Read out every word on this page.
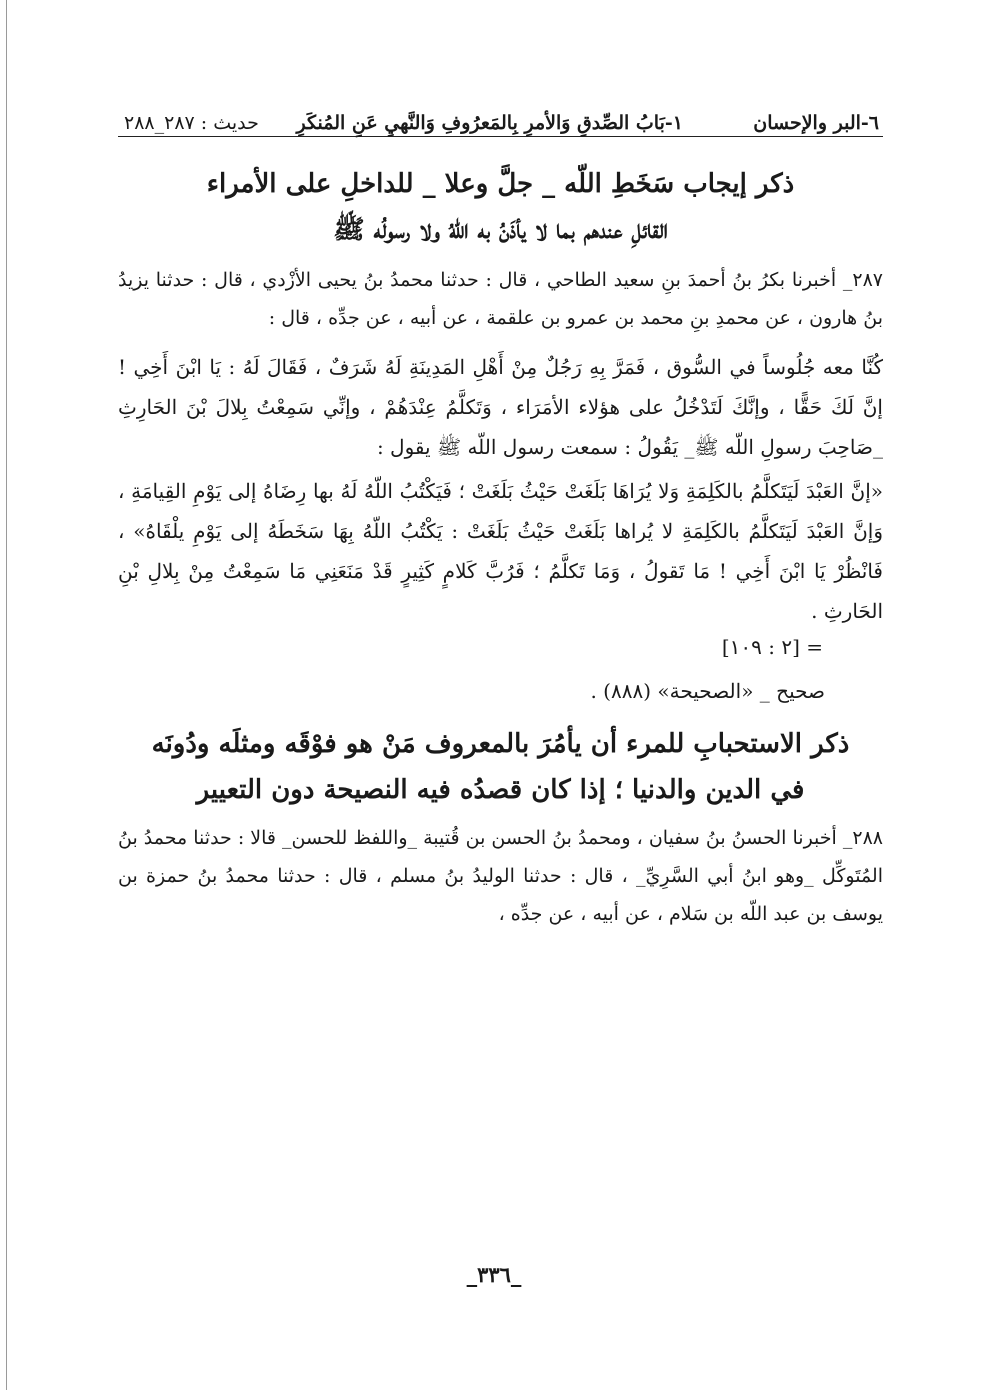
٦-البر والإحسان
١-بَابُ الصِّدقِ وَالأمرِ بِالمَعرُوفِ وَالنَّهيِ عَنِ المُنكَرِ
حديث : ٢٨٧_٢٨٨

ذكر إيجاب سَخَطِ اللّه _ جلَّ وعلا _ للداخلِ على الأمراء

القائلِ عندهم بما لا يأذَنُ به اللّهُ ولا رسولُه ﷺ

٢٨٧_ أخبرنا بكرُ بنُ أحمدَ بنِ سعيد الطاحي ، قال : حدثنا محمدُ بنُ يحيى الأزْدي ، قال : حدثنا يزيدُ بنُ هارون ، عن محمدِ بنِ محمد بن عمرو بن علقمة ، عن أبيه ، عن جدِّه ، قال :

كُنَّا معه جُلُوساً في السُّوق ، فَمَرَّ بِهِ رَجُلٌ مِنْ أَهْلِ المَدِينَةِ لَهُ شَرَفٌ ، فَقَالَ لَهُ : يَا ابْنَ أَخِي ! إنَّ لَكَ حَقًّا ، وإنَّكَ لَتَدْخُلُ على هؤلاء الأمَرَاء ، وَتَكلَّمُ عِنْدَهُمْ ، وإنِّي سَمِعْتُ بِلالَ بْنَ الحَارِثِ _صَاحِبَ رسولِ اللّه ﷺ_ يَقُولُ : سمعت رسول اللّه ﷺ يقول :

«إنَّ العَبْدَ لَيَتَكلَّمُ بالكَلِمَةِ وَلا يُرَاهَا بَلَغَتْ حَيْثُ بَلَغَتْ ؛ فَيَكْتُبُ اللّهُ لَهُ بها رِضَاهُ إلى يَوْمِ القِيامَةِ ، وَإنَّ العَبْدَ لَيَتَكلَّمُ بالكَلِمَةِ لا يُراها بَلَغَتْ حَيْثُ بَلَغَتْ : يَكْتُبُ اللّهُ بِهَا سَخَطَهُ إلى يَوْمِ يلْقَاهُ» ، فَانْظُرْ يَا ابْنَ أَخِي ! مَا تَقولُ ، وَمَا تَكلَّمُ ؛ فَرُبَّ كَلامٍ كَثِيرٍ قَدْ مَنَعَنِي مَا سَمِعْتُ مِنْ بِلالِ بْنِ الحَارثِ .

= [٢ : ١٠٩]

صحيح _ «الصحيحة» (٨٨٨) .

ذكر الاستحبابِ للمرء أن يأمُرَ بالمعروف مَنْ هو فوْقَه ومثلَه ودُونَه

في الدين والدنيا ؛ إذا كان قصدُه فيه النصيحة دون التعيير

٢٨٨_ أخبرنا الحسنُ بنُ سفيان ، ومحمدُ بنُ الحسن بن قُتيبة _واللفظ للحسن_ قالا : حدثنا محمدُ بنُ المُتَوكِّل _وهو ابنُ أبي السَّرِيِّ_ ، قال : حدثنا الوليدُ بنُ مسلم ، قال : حدثنا محمدُ بنُ حمزة بن يوسف بن عبد اللّه بن سَلام ، عن أبيه ، عن جدِّه ،

_٣٣٦_
